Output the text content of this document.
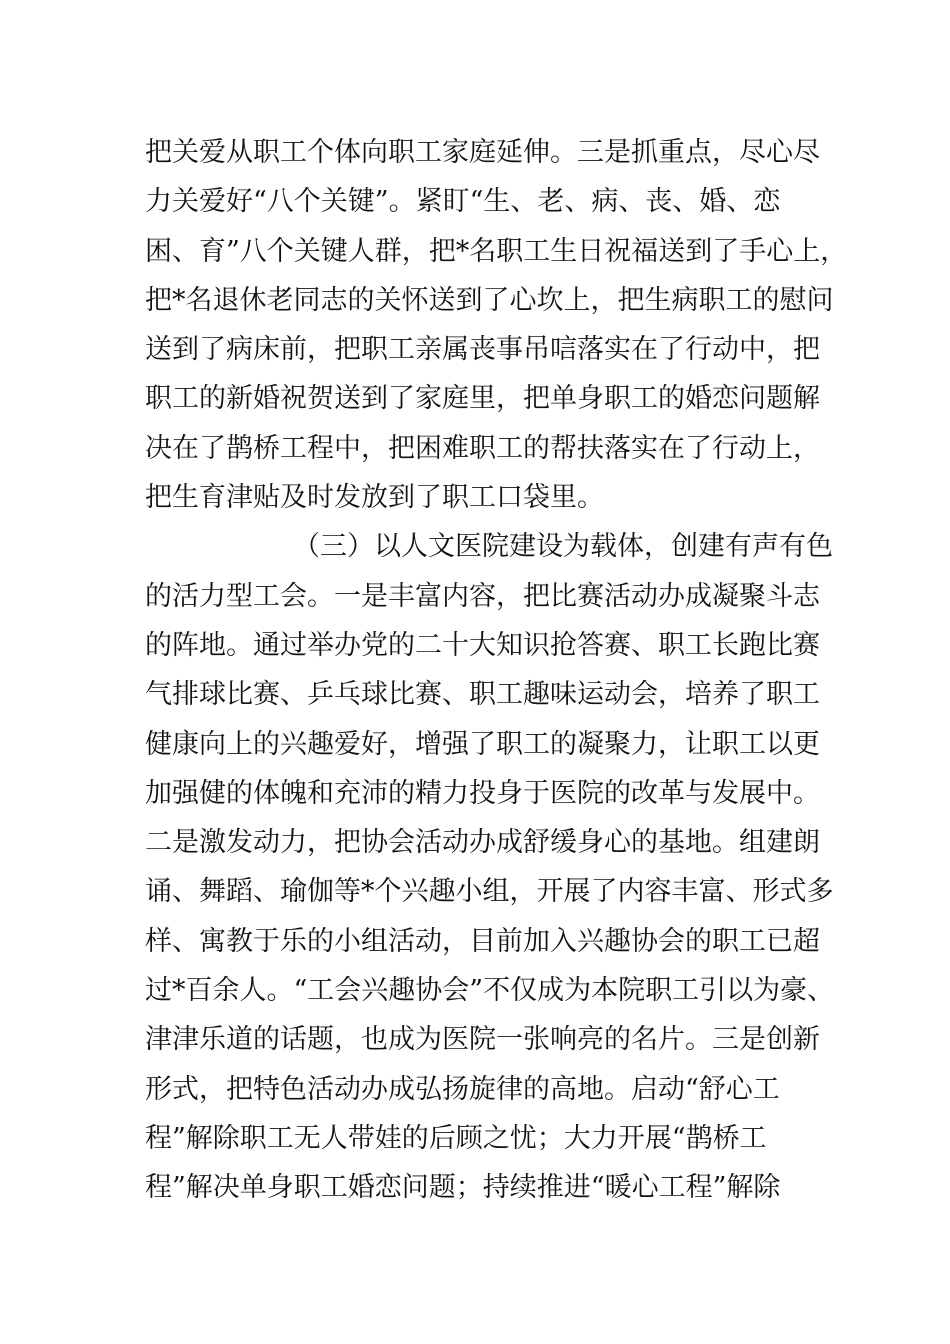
把关爱从职工个体向职工家庭延伸。三是抓重点，尽心尽
力关爱好“八个关键”。紧盯“生、老、病、丧、婚、恋
困、育”八个关键人群，把*名职工生日祝福送到了手心上，
把*名退休老同志的关怀送到了心坎上，把生病职工的慰问
送到了病床前，把职工亲属丧事吊唁落实在了行动中，把
职工的新婚祝贺送到了家庭里，把单身职工的婚恋问题解
决在了鹊桥工程中，把困难职工的帮扶落实在了行动上，
把生育津贴及时发放到了职工口袋里。
（三）以人文医院建设为载体，创建有声有色
的活力型工会。一是丰富内容，把比赛活动办成凝聚斗志
的阵地。通过举办党的二十大知识抢答赛、职工长跑比赛
气排球比赛、乒乓球比赛、职工趣味运动会，培养了职工
健康向上的兴趣爱好，增强了职工的凝聚力，让职工以更
加强健的体魄和充沛的精力投身于医院的改革与发展中。
二是激发动力，把协会活动办成舒缓身心的基地。组建朗
诵、舞蹈、瑜伽等*个兴趣小组，开展了内容丰富、形式多
样、寓教于乐的小组活动，目前加入兴趣协会的职工已超
过*百余人。“工会兴趣协会”不仅成为本院职工引以为豪、
津津乐道的话题，也成为医院一张响亮的名片。三是创新
形式，把特色活动办成弘扬旋律的高地。启动“舒心工
程”解除职工无人带娃的后顾之忧；大力开展“鹊桥工
程”解决单身职工婚恋问题；持续推进“暖心工程”解除
